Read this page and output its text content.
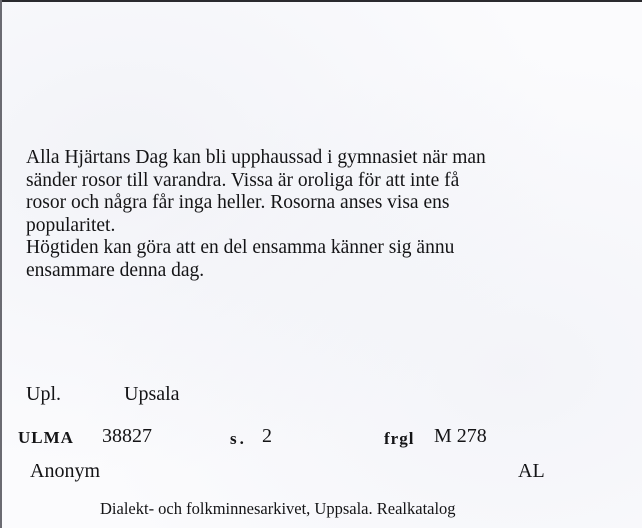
Alla Hjärtans Dag kan bli upphaussad i gymnasiet när man

sänder rosor till varandra. Vissa är oroliga för att inte få

rosor och några får inga heller. Rosorna anses visa ens

popularitet.

Högtiden kan göra att en del ensamma känner sig ännu

ensammare denna dag.

Upl.	Upsala
ULMA 38827	s. 2	frgl M 278
Anonym	AL
Dialekt- och folkminnesarkivet, Uppsala. Realkatalog
